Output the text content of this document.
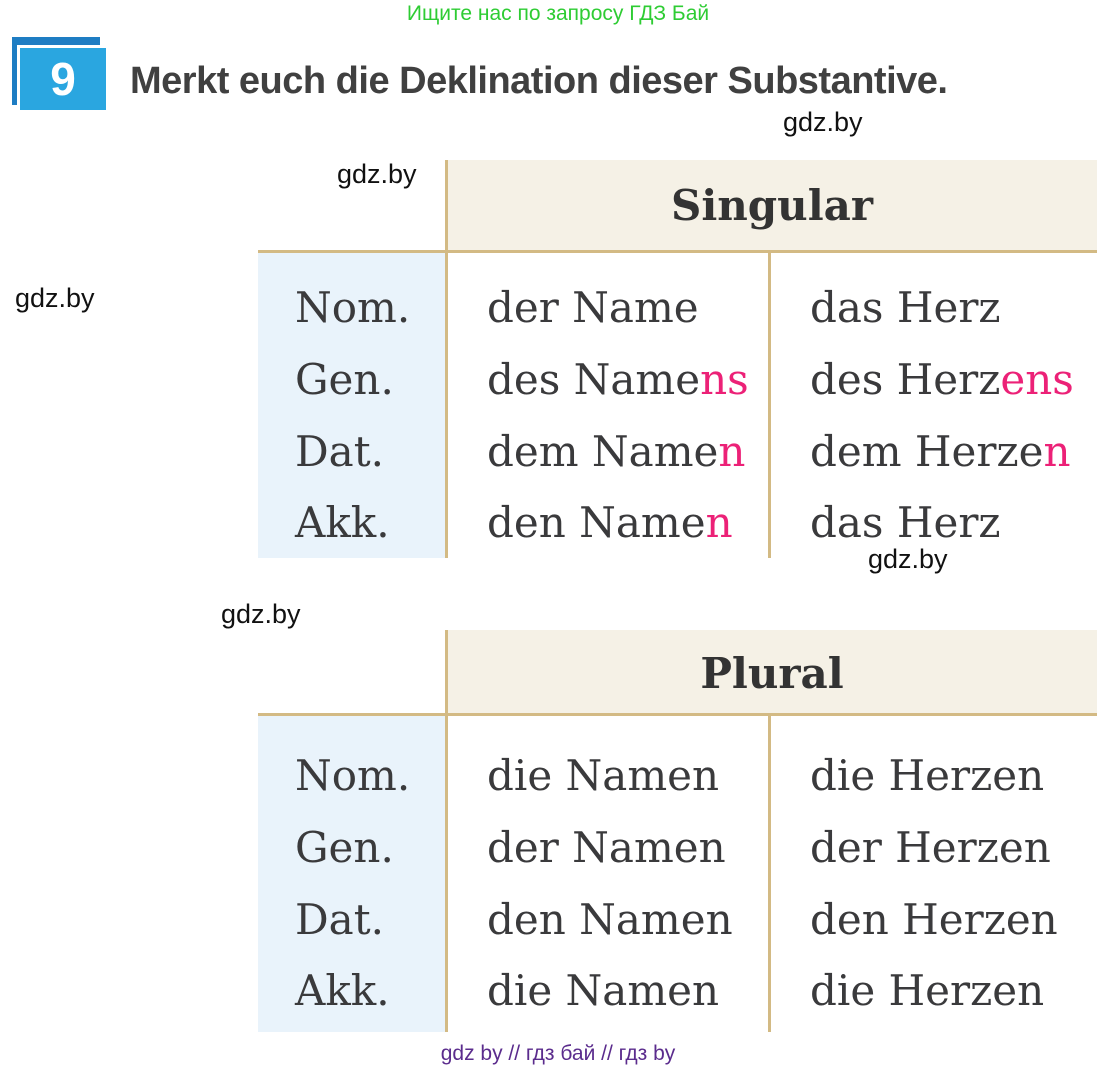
Ищите нас по запросу ГДЗ Бай
9 Merkt euch die Deklination dieser Substantive.
gdz.by
gdz.by
gdz.by
gdz.by
gdz.by
Singular
Nom.	der Name	das Herz
Gen.	des Namens	des Herzens
Dat.	dem Namen	dem Herzen
Akk.	den Namen	das Herz
Plural
Nom.	die Namen	die Herzen
Gen.	der Namen	der Herzen
Dat.	den Namen	den Herzen
Akk.	die Namen	die Herzen
gdz by // гдз бай // гдз by
